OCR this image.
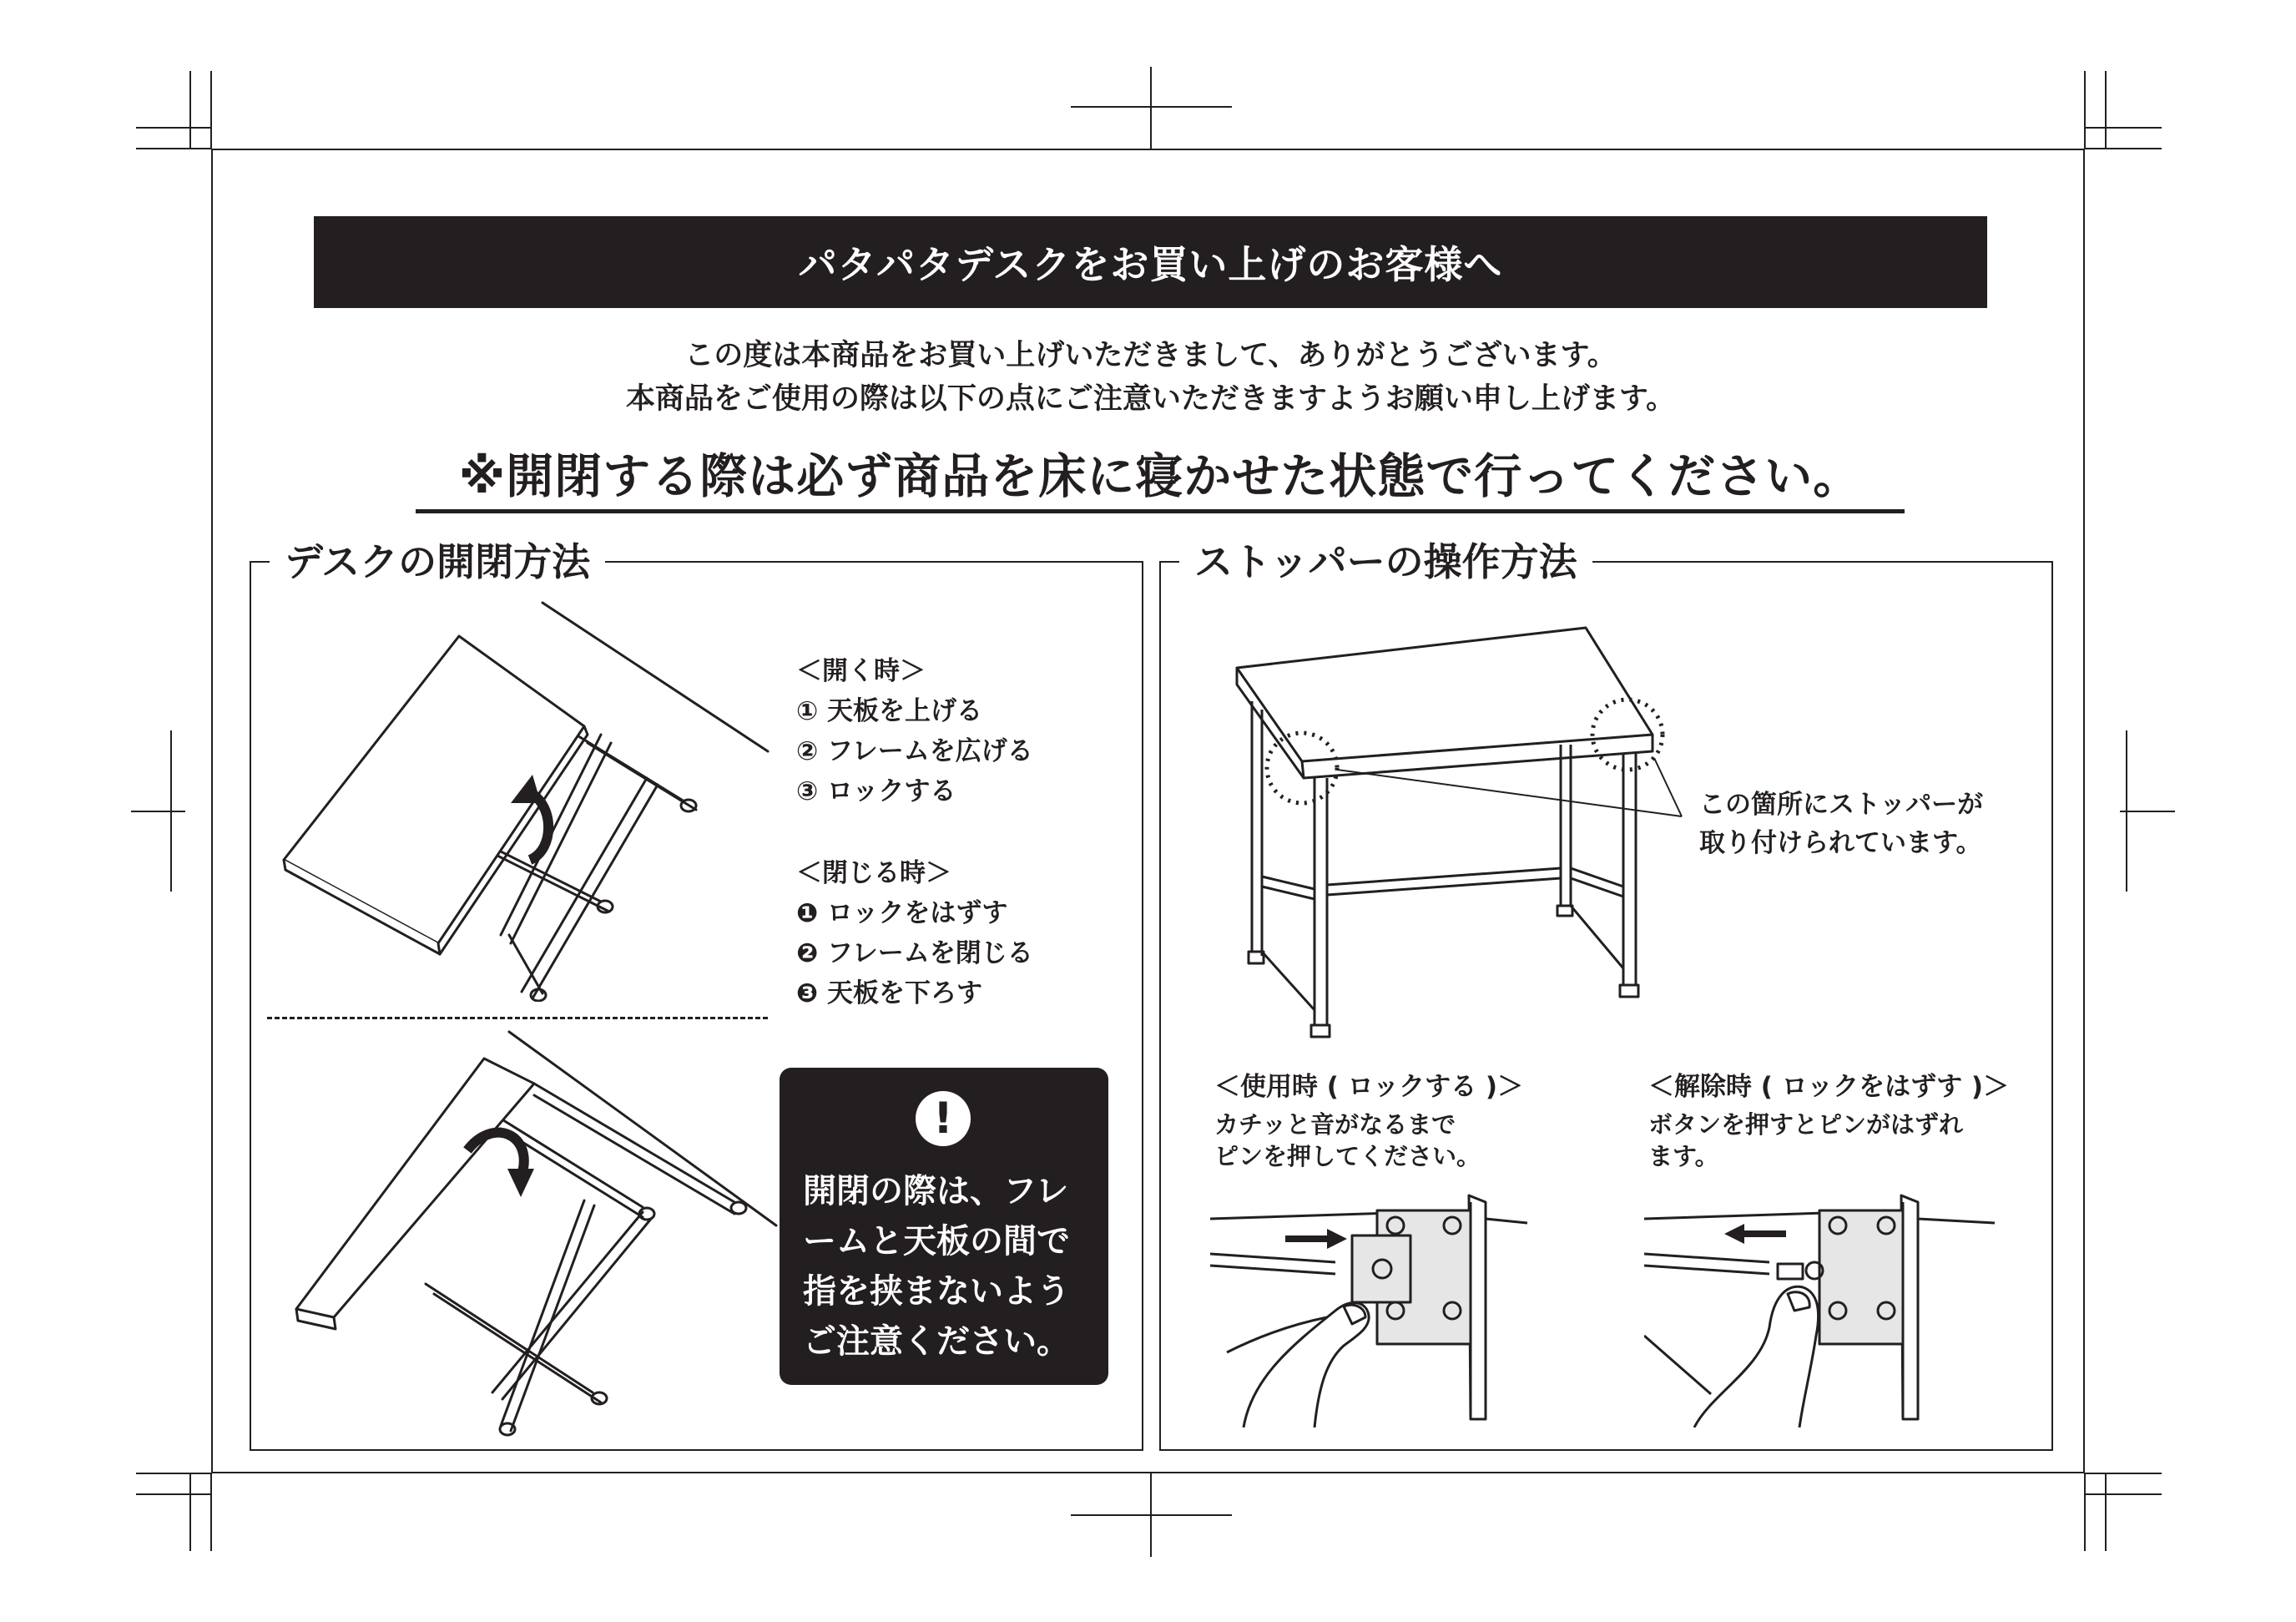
パタパタデスクをお買い上げのお客様へ
この度は本商品をお買い上げいただきまして、ありがとうございます。
本商品をご使用の際は以下の点にご注意いただきますようお願い申し上げます。
※開閉する際は必ず商品を床に寝かせた状態で行ってください。
デスクの開閉方法
＜開く時＞
① 天板を上げる
② フレームを広げる
③ ロックする
＜閉じる時＞
❶ ロックをはずす
❷ フレームを閉じる
❸ 天板を下ろす
!
開閉の際は、フレ
ームと天板の間で
指を挟まないよう
ご注意ください。
ストッパーの操作方法
この箇所にストッパーが
取り付けられています。
＜使用時 ( ロックする )＞
カチッと音がなるまで
ピンを押してください。
＜解除時 ( ロックをはずす )＞
ボタンを押すとピンがはずれ
ます。
